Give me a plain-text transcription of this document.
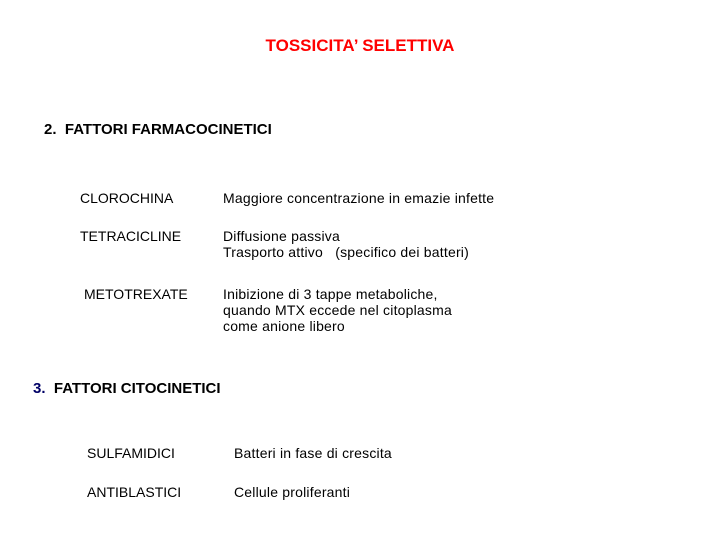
TOSSICITA’ SELETTIVA
2. FATTORI FARMACOCINETICI
CLOROCHINA	Maggiore concentrazione in emazie infette
TETRACICLINE	Diffusione passiva
Trasporto attivo   (specifico dei batteri)
METOTREXATE	Inibizione di 3 tappe metaboliche,
quando MTX eccede nel citoplasma
come anione libero
3. FATTORI CITOCINETICI
SULFAMIDICI	Batteri in fase di crescita
ANTIBLASTICI	Cellule proliferanti
